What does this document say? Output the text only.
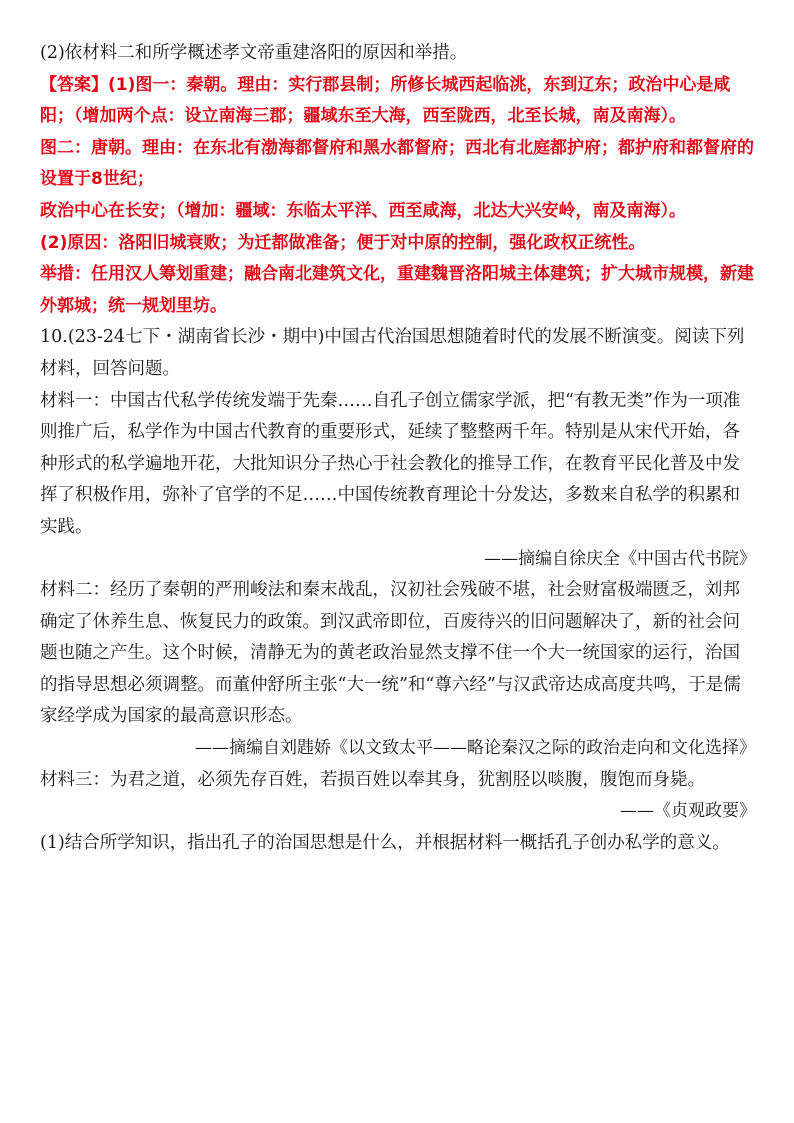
(2)依材料二和所学概述孝文帝重建洛阳的原因和举措。

【答案】(1)图一：秦朝。理由：实行郡县制；所修长城西起临洮，东到辽东；政治中心是咸阳；（增加两个点：设立南海三郡；疆域东至大海，西至陇西，北至长城，南及南海）。

图二：唐朝。理由：在东北有渤海都督府和黑水都督府；西北有北庭都护府；都护府和都督府的设置于8世纪；

政治中心在长安；（增加：疆域：东临太平洋、西至咸海，北达大兴安岭，南及南海）。

(2)原因：洛阳旧城衰败；为迁都做准备；便于对中原的控制，强化政权正统性。

举措：任用汉人筹划重建；融合南北建筑文化，重建魏晋洛阳城主体建筑；扩大城市规模，新建外郭城；统一规划里坊。

10.(23-24七下・湖南省长沙・期中)中国古代治国思想随着时代的发展不断演变。阅读下列材料，回答问题。

材料一：中国古代私学传统发端于先秦……自孔子创立儒家学派，把“有教无类”作为一项准则推广后，私学作为中国古代教育的重要形式，延续了整整两千年。特别是从宋代开始，各种形式的私学遍地开花，大批知识分子热心于社会教化的推导工作，在教育平民化普及中发挥了积极作用，弥补了官学的不足……中国传统教育理论十分发达，多数来自私学的积累和实践。

——摘编自徐庆全《中国古代书院》

材料二：经历了秦朝的严刑峻法和秦末战乱，汉初社会残破不堪，社会财富极端匮乏，刘邦确定了休养生息、恢复民力的政策。到汉武帝即位，百废待兴的旧问题解决了，新的社会问题也随之产生。这个时候，清静无为的黄老政治显然支撑不住一个大一统国家的运行，治国的指导思想必须调整。而董仲舒所主张“大一统”和“尊六经”与汉武帝达成高度共鸣，于是儒家经学成为国家的最高意识形态。

——摘编自刘韪娇《以文致太平——略论秦汉之际的政治走向和文化选择》

材料三：为君之道，必须先存百姓，若损百姓以奉其身，犹割胫以啖腹，腹饱而身毙。

——《贞观政要》

(1)结合所学知识，指出孔子的治国思想是什么，并根据材料一概括孔子创办私学的意义。
